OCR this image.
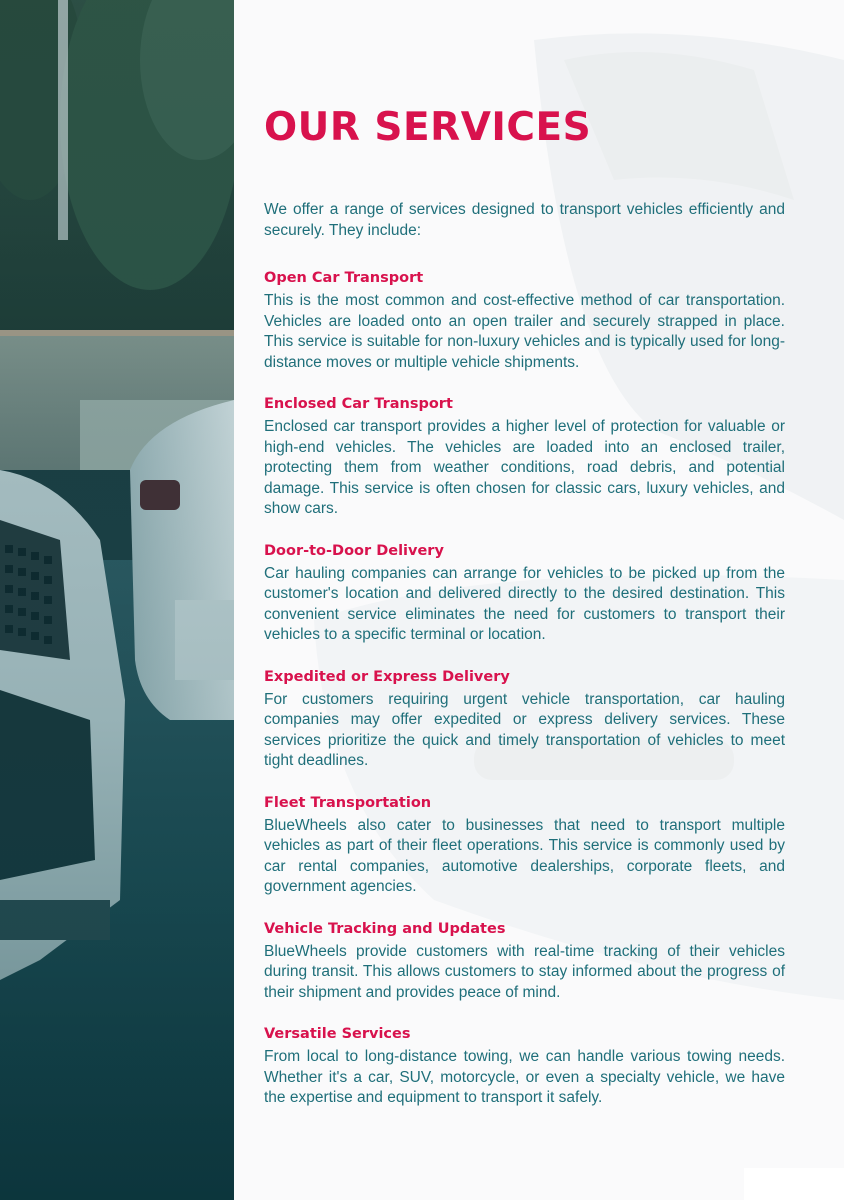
OUR SERVICES

We offer a range of services designed to transport vehicles efficiently and securely. They include:

Open Car Transport

This is the most common and cost-effective method of car transportation. Vehicles are loaded onto an open trailer and securely strapped in place. This service is suitable for non-luxury vehicles and is typically used for long-distance moves or multiple vehicle shipments.

Enclosed Car Transport

Enclosed car transport provides a higher level of protection for valuable or high-end vehicles. The vehicles are loaded into an enclosed trailer, protecting them from weather conditions, road debris, and potential damage. This service is often chosen for classic cars, luxury vehicles, and show cars.

Door-to-Door Delivery

Car hauling companies can arrange for vehicles to be picked up from the customer's location and delivered directly to the desired destination. This convenient service eliminates the need for customers to transport their vehicles to a specific terminal or location.

Expedited or Express Delivery

For customers requiring urgent vehicle transportation, car hauling companies may offer expedited or express delivery services. These services prioritize the quick and timely transportation of vehicles to meet tight deadlines.

Fleet Transportation

BlueWheels also cater to businesses that need to transport multiple vehicles as part of their fleet operations. This service is commonly used by car rental companies, automotive dealerships, corporate fleets, and government agencies.

Vehicle Tracking and Updates

BlueWheels provide customers with real-time tracking of their vehicles during transit. This allows customers to stay informed about the progress of their shipment and provides peace of mind.

Versatile Services

From local to long-distance towing, we can handle various towing needs. Whether it's a car, SUV, motorcycle, or even a specialty vehicle, we have the expertise and equipment to transport it safely.
